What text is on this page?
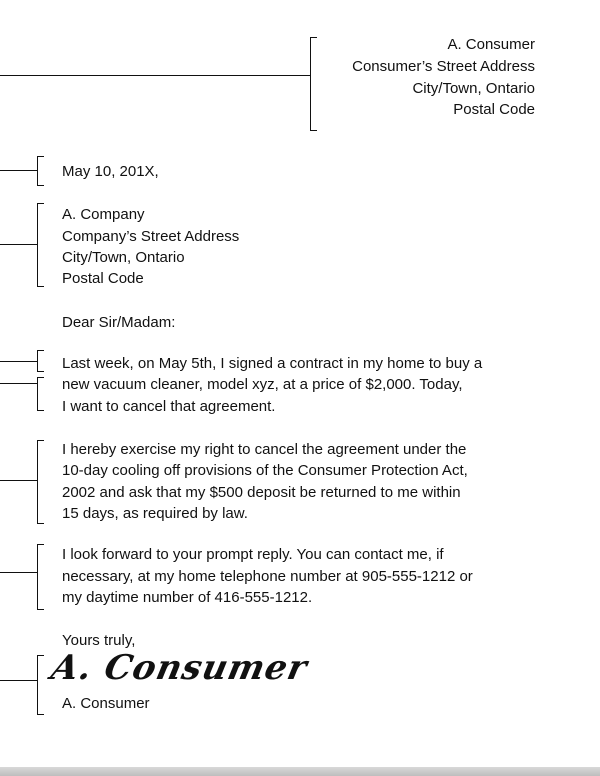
A. Consumer
Consumer’s Street Address
City/Town, Ontario
Postal Code
May 10, 201X,
A. Company
Company’s Street Address
City/Town, Ontario
Postal Code
Dear Sir/Madam:
Last week, on May 5th, I signed a contract in my home to buy a
new vacuum cleaner, model xyz, at a price of $2,000. Today,
I want to cancel that agreement.
I hereby exercise my right to cancel the agreement under the
10-day cooling off provisions of the Consumer Protection Act,
2002 and ask that my $500 deposit be returned to me within
15 days, as required by law.
I look forward to your prompt reply. You can contact me, if
necessary, at my home telephone number at 905-555-1212 or
my daytime number of 416-555-1212.
Yours truly,
A. Consumer
A. Consumer
